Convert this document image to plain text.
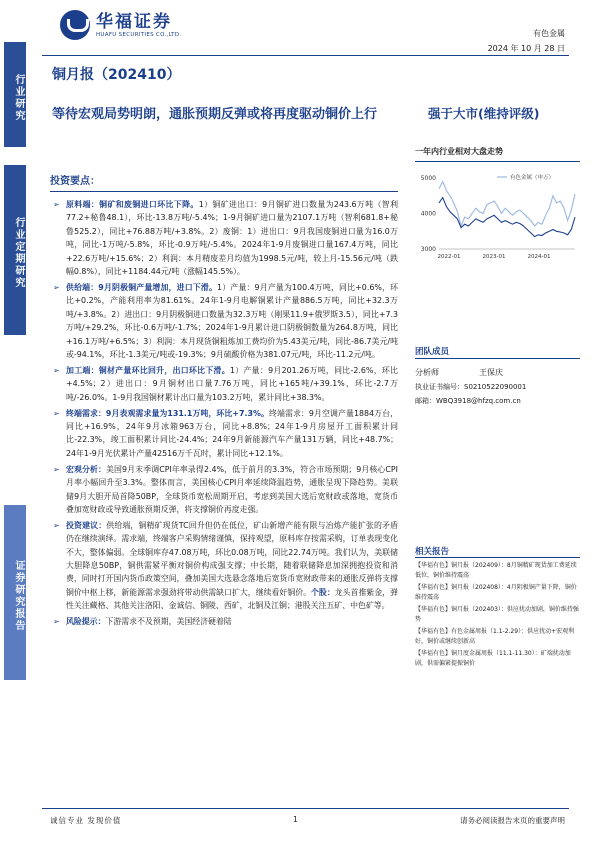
行业研究
行业定期研究
证券研究报告
华福证券
HUAFU SECURITIES CO.,LTD.	有色金属
2024 年 10 月 28 日
铜月报（202410）
等待宏观局势明朗，通胀预期反弹或将再度驱动铜价上行	强于大市(维持评级)
投资要点：
➢ 原料端：铜矿和废铜进口环比下降。1）铜矿进出口：9月铜矿进口数量为243.6万吨（智利77.2+秘鲁48.1），环比-13.8万吨/-5.4%；1-9月铜矿进口量为2107.1万吨（智利681.8+秘鲁525.2），同比+76.88万吨/+3.8%。2）废铜：1）进出口：9月我国废铜进口量为16.0万吨，同比-1万吨/-5.8%，环比-0.9万吨/-5.4%。2024年1-9月废铜进口量167.4万吨，同比+22.6万吨/+15.6%；2）利润：本月精废差月均值为1998.5元/吨，较上月-15.56元/吨（跌幅0.8%），同比+1184.44元/吨（涨幅145.5%）。
➢ 供给端：9月阴极铜产量增加，进口下滑。1）产量：9月产量为100.4万吨，同比+0.6%，环比+0.2%，产能利用率为81.61%。24年1-9月电解铜累计产量886.5万吨，同比+32.3万吨/+3.8%。2）进出口：9月阴极铜进口数量为32.3万吨（刚果11.9+俄罗斯3.5），同比+7.3万吨/+29.2%，环比-0.6万吨/-1.7%；2024年1-9月累计进口阴极铜数量为264.8万吨，同比+16.1万吨/+6.5%；3）利润：本月现货铜粗炼加工费均价为5.43美元/吨，同比-86.7美元/吨或-94.1%，环比-1.3美元/吨或-19.3%；9月硫酸价格为381.07元/吨，环比-11.2元/吨。
➢ 加工端：铜材产量环比回升，出口环比下滑。1）产量：9月201.26万吨，同比-2.6%，环比+4.5%；2）进出口：9月铜材出口量7.76万吨，同比+165吨/+39.1%，环比-2.7万吨/-26.0%。1-9月我国铜材累计出口量为103.2万吨，累计同比+38.3%。
➢ 终端需求：9月表观需求量为131.1万吨，环比+7.3%。终端需求：9月空调产量1884万台，同比+16.9%，24年9月冰箱963万台，同比+8.8%；24年1-9月房屋开工面积累计同比-22.3%，竣工面积累计同比-24.4%；24年9月新能源汽车产量131万辆，同比+48.7%；24年1-9月光伏累计产量42516万千瓦时，累计同比+12.1%。
➢ 宏观分析：美国9月末季调CPI年率录得2.4%，低于前月的3.3%，符合市场预期；9月核心CPI月率小幅回升至3.3%。整体而言，美国核心CPI月率延续降温趋势，通胀呈现下降趋势。美联储9月大胆开局首降50BP，全球货币宽松周期开启，考虑到美国大选后宽财政或落地，宽货币叠加宽财政或导致通胀预期反弹，将支撑铜价再度走强。
➢ 投资建议：供给端，铜精矿现货TC回升但仍在低位，矿山新增产能有限与冶炼产能扩张的矛盾仍在继续演绎。需求端，终端客户采购情绪谨慎，保持观望，原料库存按需采购，订单表现变化不大，整体偏弱。全球铜库存47.08万吨，环比0.08万吨，同比22.74万吨。我们认为，美联储大胆降息50BP，铜供需紧平衡对铜价构成强支撑；中长期，随着联储降息加深拥抱投资和消费，同时打开国内货币政策空间，叠加美国大选悬念落地后宽货币宽财政带来的通胀反弹将支撑铜价中枢上移，新能源需求强劲将带动供需缺口扩大，继续看好铜价。个股：龙头首推紫金，弹性关注藏格、其他关注洛阳、金诚信、铜陵、西矿，北铜及江铜；港股关注五矿、中色矿等。
➢ 风险提示：下游需求不及预期，美国经济硬着陆
一年内行业相对大盘走势
5000
4000
3000
2022-01	2023-01	2024-01
有色金属（申万）
团队成员
分析师	王保庆
执业证书编号：S0210522090001
邮箱：WBQ3918@hfzq.com.cn
相关报告
【华福有色】铜月报（202409）：8月铜精矿现货加工费延续低位，铜价维持震荡
【华福有色】铜月报（202408）：4月阴极铜产量下降，铜价维持震荡
【华福有色】铜月报（202403）：供应扰动加剧，铜价维持强势
【华福有色】有色金属周报（1.1-2.29）：供应扰动+宏观利好，铜价或继续创新高
【华福有色】铜月度金属周报（11.1-11.30）：矿端扰动加剧，供需偏紧提振铜价
诚信专业 发现价值	1	请务必阅读报告末页的重要声明
